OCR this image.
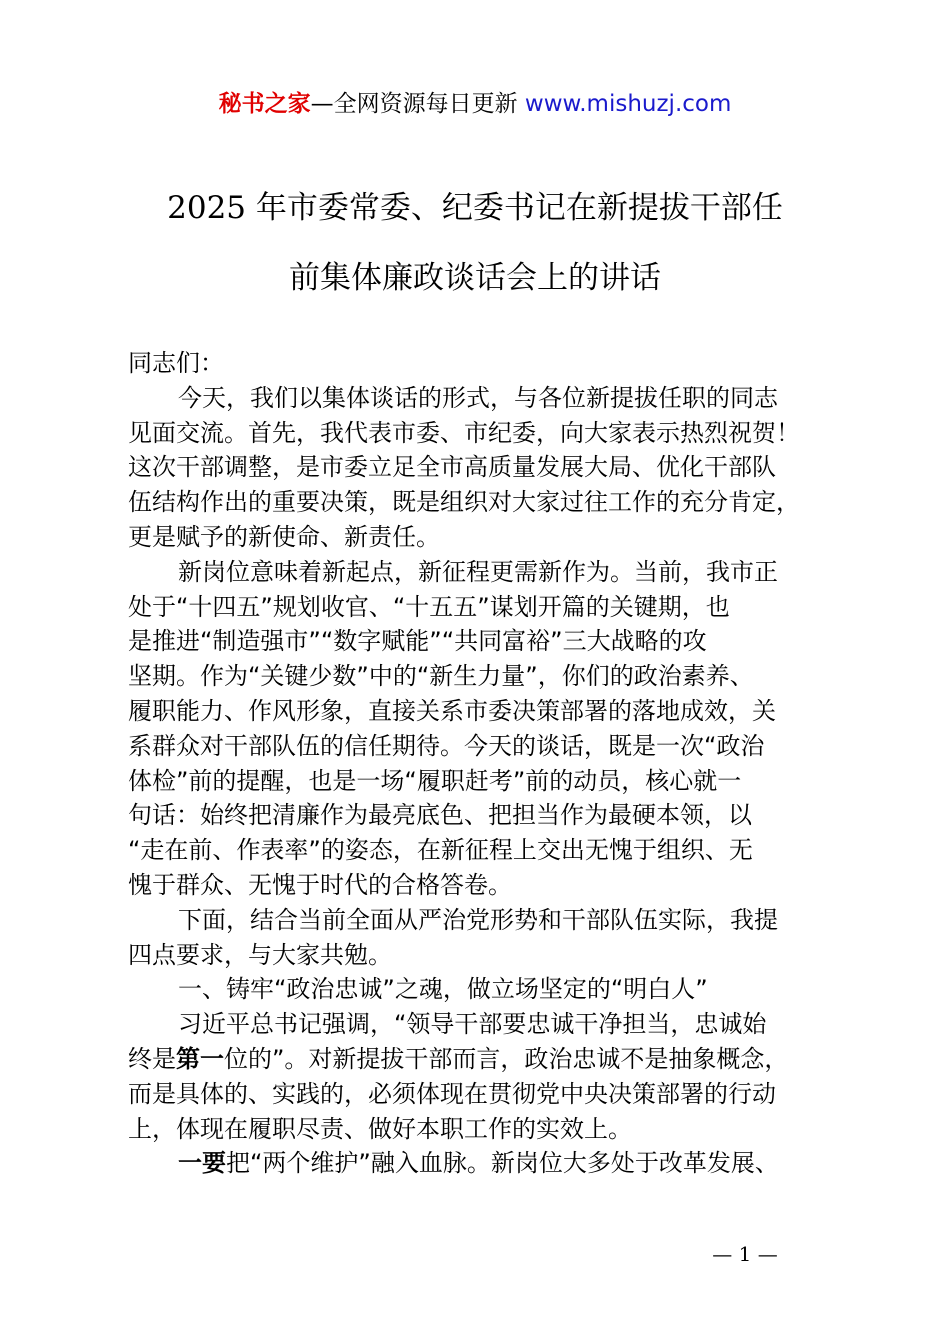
秘书之家—全网资源每日更新 www.mishuzj.com
2025 年市委常委、纪委书记在新提拔干部任
前集体廉政谈话会上的讲话
同志们：
今天，我们以集体谈话的形式，与各位新提拔任职的同志
见面交流。首先，我代表市委、市纪委，向大家表示热烈祝贺！
这次干部调整，是市委立足全市高质量发展大局、优化干部队
伍结构作出的重要决策，既是组织对大家过往工作的充分肯定，
更是赋予的新使命、新责任。
新岗位意味着新起点，新征程更需新作为。当前，我市正
处于“十四五”规划收官、“十五五”谋划开篇的关键期，也
是推进“制造强市”“数字赋能”“共同富裕”三大战略的攻
坚期。作为“关键少数”中的“新生力量”，你们的政治素养、
履职能力、作风形象，直接关系市委决策部署的落地成效，关
系群众对干部队伍的信任期待。今天的谈话，既是一次“政治
体检”前的提醒，也是一场“履职赶考”前的动员，核心就一
句话：始终把清廉作为最亮底色、把担当作为最硬本领，以
“走在前、作表率”的姿态，在新征程上交出无愧于组织、无
愧于群众、无愧于时代的合格答卷。
下面，结合当前全面从严治党形势和干部队伍实际，我提
四点要求，与大家共勉。
一、铸牢“政治忠诚”之魂，做立场坚定的“明白人”
习近平总书记强调，“领导干部要忠诚干净担当，忠诚始
终是第一位的”。对新提拔干部而言，政治忠诚不是抽象概念，
而是具体的、实践的，必须体现在贯彻党中央决策部署的行动
上，体现在履职尽责、做好本职工作的实效上。
一要把“两个维护”融入血脉。新岗位大多处于改革发展、
— 1 —
